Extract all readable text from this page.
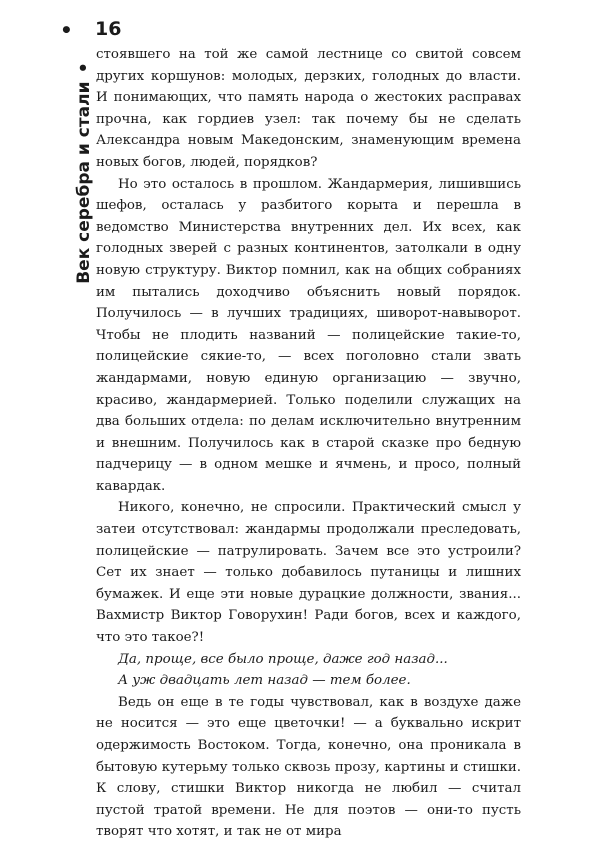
• 16
Век серебра и стали
•

стоявшего на той же самой лестнице со свитой совсем других коршунов: молодых, дерзких, голодных до власти. И понимающих, что память народа о жестоких расправах прочна, как гордиев узел: так почему бы не сделать Александра новым Македонским, знаменующим времена новых богов, людей, порядков?

Но это осталось в прошлом. Жандармерия, лишившись шефов, осталась у разбитого корыта и перешла в ведомство Министерства внутренних дел. Их всех, как голодных зверей с разных континентов, затолкали в одну новую структуру. Виктор помнил, как на общих собраниях им пытались доходчиво объяснить новый порядок. Получилось — в лучших традициях, шиворот-навыворот. Чтобы не плодить названий — полицейские такие-то, полицейские сякие-то, — всех поголовно стали звать жандармами, новую единую организацию — звучно, красиво, жандармерией. Только поделили служащих на два больших отдела: по делам исключительно внутренним и внешним. Получилось как в старой сказке про бедную падчерицу — в одном мешке и ячмень, и просо, полный кавардак.

Никого, конечно, не спросили. Практический смысл у затеи отсутствовал: жандармы продолжали преследовать, полицейские — патрулировать. Зачем все это устроили? Сет их знает — только добавилось путаницы и лишних бумажек. И еще эти новые дурацкие должности, звания... Вахмистр Виктор Говорухин! Ради богов, всех и каждого, что это такое?!

Да, проще, все было проще, даже год назад...

А уж двадцать лет назад — тем более.

Ведь он еще в те годы чувствовал, как в воздухе даже не носится — это еще цветочки! — а буквально искрит одержимость Востоком. Тогда, конечно, она проникала в бытовую кутерьму только сквозь прозу, картины и стишки. К слову, стишки Виктор никогда не любил — считал пустой тратой времени. Не для поэтов — они-то пусть творят что хотят, и так не от мира
